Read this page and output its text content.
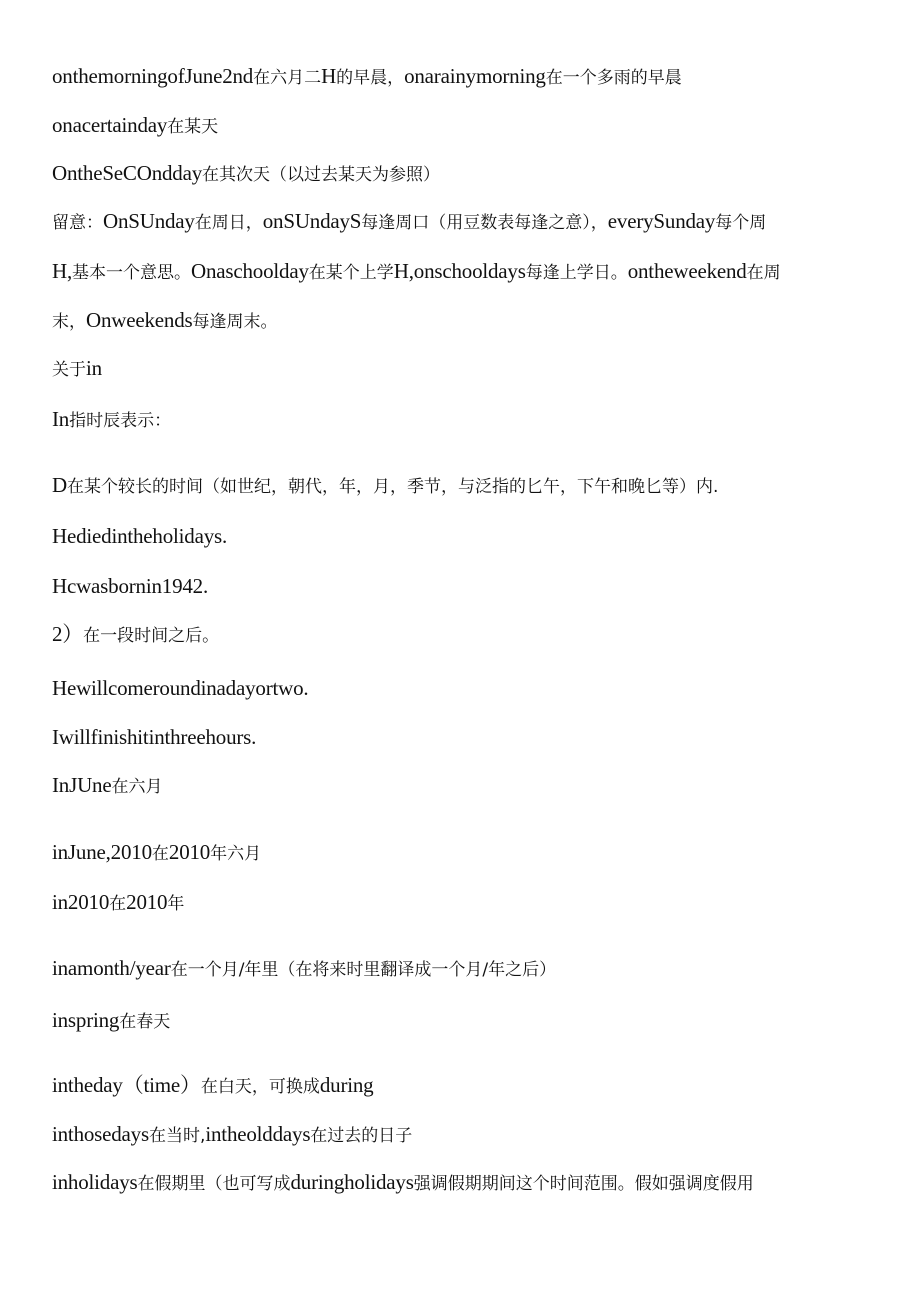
onthemorningofJune2nd在六月二H的早晨，onarainymorning在一个多雨的早晨
onacertainday在某天
OntheSeCOndday在其次天（以过去某天为参照）
留意：OnSUnday在周日，onSUndayS每逢周口（用豆数表每逢之意），everySunday每个周
H,基本一个意思。Onaschoolday在某个上学H,onschooldays每逢上学日。ontheweekend在周
末，Onweekends每逢周末。
关于in
In指时辰表示：
D在某个较长的时间（如世纪，朝代，年，月，季节，与泛指的匕午，下午和晚匕等）内.
Hediedintheholidays.
Hcwasbornin1942.
2）在一段时间之后。
Hewillcomeroundinadayortwo.
Iwillfinishitinthreehours.
InJUne在六月
inJune,2010在2010年六月
in2010在2010年
inamonth/year在一个月/年里（在将来时里翻译成一个月/年之后）
inspring在春天
intheday（time）在白天，可换成during
inthosedays在当时,intheolddays在过去的日子
inholidays在假期里（也可写成duringholidays强调假期期间这个时间范围。假如强调度假用
